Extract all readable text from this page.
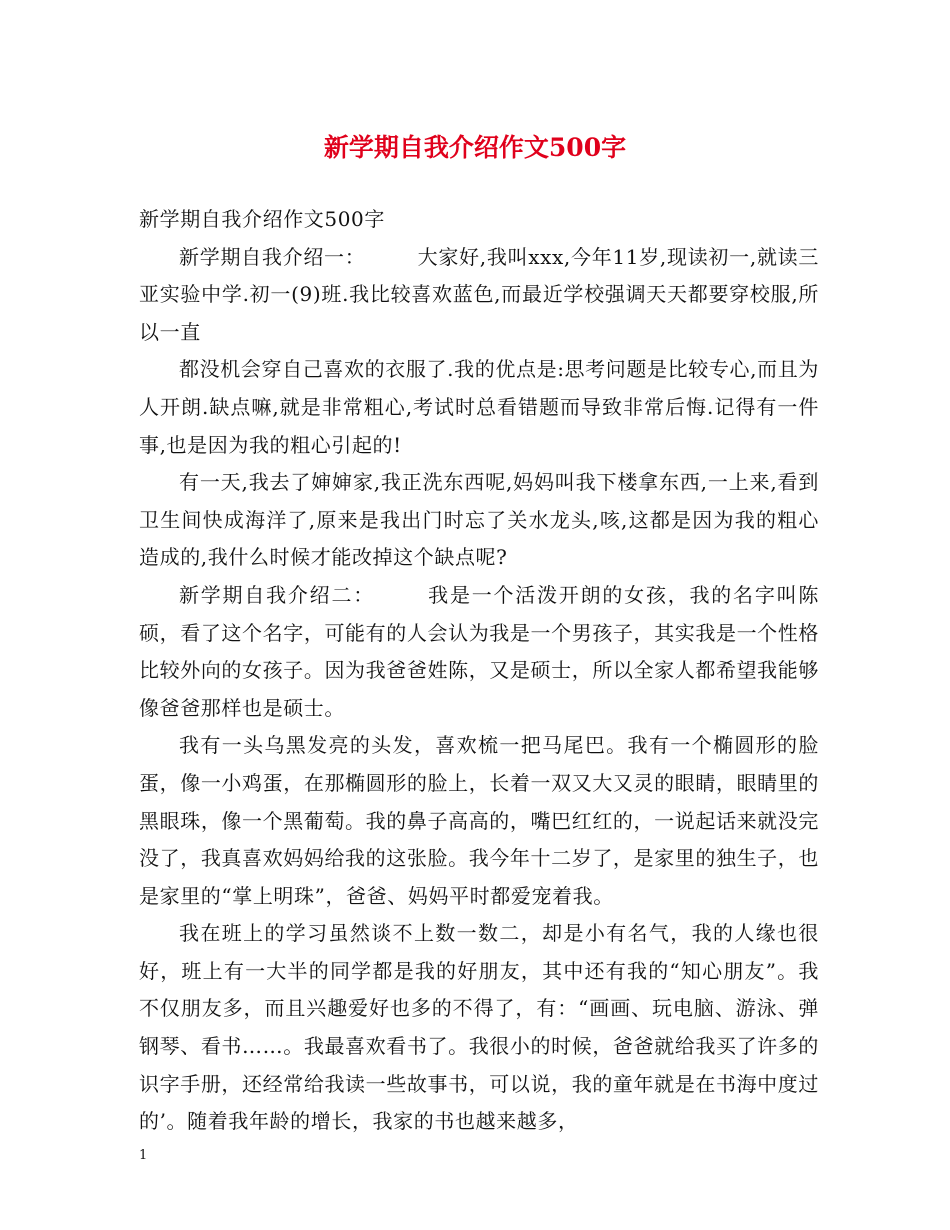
新学期自我介绍作文500字

新学期自我介绍作文500字

新学期自我介绍一：	大家好,我叫xxx,今年11岁,现读初一,就读三亚实验中学.初一(9)班.我比较喜欢蓝色,而最近学校强调天天都要穿校服,所以一直

都没机会穿自己喜欢的衣服了.我的优点是:思考问题是比较专心,而且为人开朗.缺点嘛,就是非常粗心,考试时总看错题而导致非常后悔.记得有一件事,也是因为我的粗心引起的!

有一天,我去了婶婶家,我正洗东西呢,妈妈叫我下楼拿东西,一上来,看到卫生间快成海洋了,原来是我出门时忘了关水龙头,咳,这都是因为我的粗心造成的,我什么时候才能改掉这个缺点呢?

新学期自我介绍二：	我是一个活泼开朗的女孩，我的名字叫陈硕，看了这个名字，可能有的人会认为我是一个男孩子，其实我是一个性格比较外向的女孩子。因为我爸爸姓陈，又是硕士，所以全家人都希望我能够像爸爸那样也是硕士。

我有一头乌黑发亮的头发，喜欢梳一把马尾巴。我有一个椭圆形的脸蛋，像一小鸡蛋，在那椭圆形的脸上，长着一双又大又灵的眼睛，眼睛里的黑眼珠，像一个黑葡萄。我的鼻子高高的，嘴巴红红的，一说起话来就没完没了，我真喜欢妈妈给我的这张脸。我今年十二岁了，是家里的独生子，也是家里的“掌上明珠”，爸爸、妈妈平时都爱宠着我。

我在班上的学习虽然谈不上数一数二，却是小有名气，我的人缘也很好，班上有一大半的同学都是我的好朋友，其中还有我的“知心朋友”。我不仅朋友多，而且兴趣爱好也多的不得了，有：“画画、玩电脑、游泳、弹钢琴、看书……。我最喜欢看书了。我很小的时候，爸爸就给我买了许多的识字手册，还经常给我读一些故事书，可以说，我的童年就是在书海中度过的’。随着我年龄的增长，我家的书也越来越多，

1
